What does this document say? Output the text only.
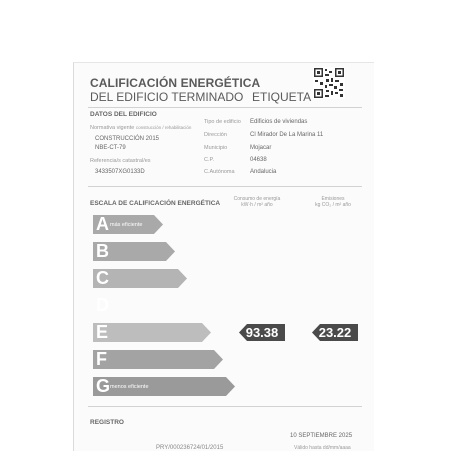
CALIFICACIÓN ENERGÉTICA
DEL EDIFICIO TERMINADO ETIQUETA
DATOS DEL EDIFICIO
Normativa vigente construcción / rehabilitación
CONSTRUCCIÓN 2015
NBE-CT-79
Referencia/s catastral/es
3433507XG0133D
Tipo de edificio Edificios de viviendas
Dirección	Cl Mirador De La Marina 11
Municipio	Mojacar
C.P.	04638
C.Autónoma	Andalucia
ESCALA DE CALIFICACIÓN ENERGÉTICA
Consumo de energía
kW·h / m² año
Emisiones
kg CO₂ / m² año
A más eficiente
B
C
D
E
F
G menos eficiente
93.38	23.22
REGISTRO
10 SEPTIEMBRE 2025
PRY/000236724/01/2015	Válido hasta dd/mm/aaaa
